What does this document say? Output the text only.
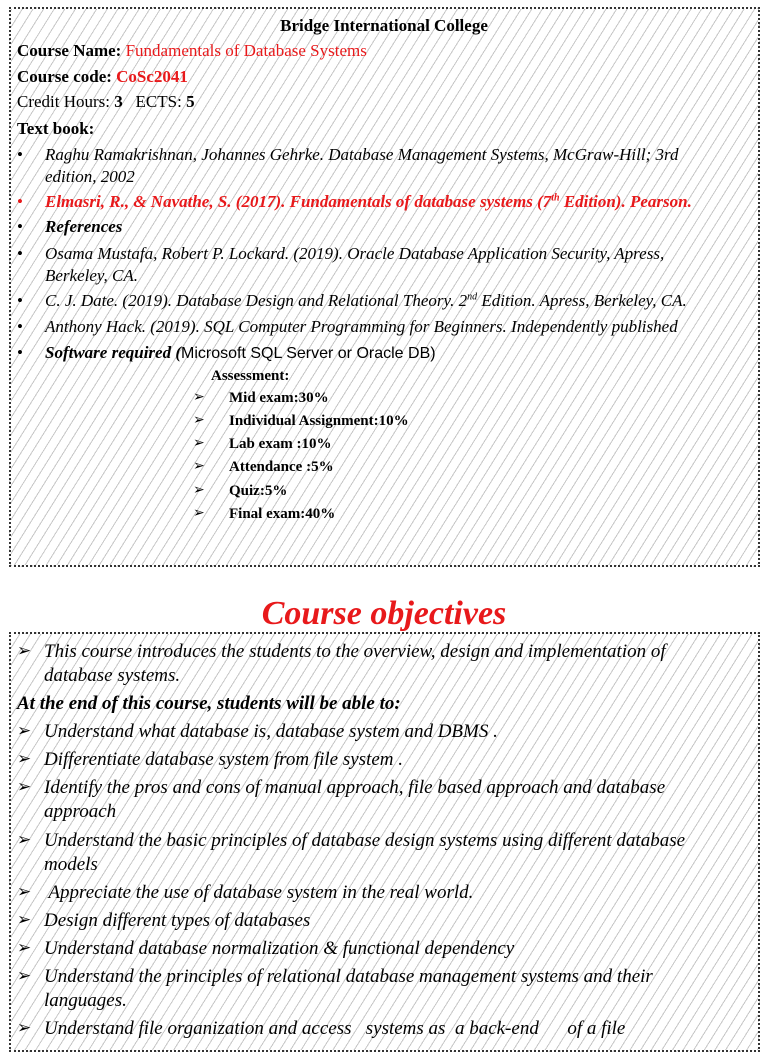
Bridge International College
Course Name: Fundamentals of Database Systems
Course code: CoSc2041
Credit Hours: 3 ECTS: 5
Text book:
• Raghu Ramakrishnan, Johannes Gehrke. Database Management Systems, McGraw-Hill; 3rd
edition, 2002
• Elmasri, R., & Navathe, S. (2017). Fundamentals of database systems (7th Edition). Pearson.
• References
• Osama Mustafa, Robert P. Lockard. (2019). Oracle Database Application Security, Apress,
Berkeley, CA.
• C. J. Date. (2019). Database Design and Relational Theory. 2nd Edition. Apress, Berkeley, CA.
• Anthony Hack. (2019). SQL Computer Programming for Beginners. Independently published
• Software required (Microsoft SQL Server or Oracle DB)
Assessment:
➢ Mid exam:30%
➢ Individual Assignment:10%
➢ Lab exam :10%
➢ Attendance :5%
➢ Quiz:5%
➢ Final exam:40%
Course objectives
➢ This course introduces the students to the overview, design and implementation of
database systems.
At the end of this course, students will be able to:
➢ Understand what database is, database system and DBMS .
➢ Differentiate database system from file system .
➢ Identify the pros and cons of manual approach, file based approach and database
approach
➢ Understand the basic principles of database design systems using different database
models
➢ Appreciate the use of database system in the real world.
➢ Design different types of databases
➢ Understand database normalization & functional dependency
➢ Understand the principles of relational database management systems and their
languages.
➢ Understand file organization and access   systems as  a back-end      of a file
